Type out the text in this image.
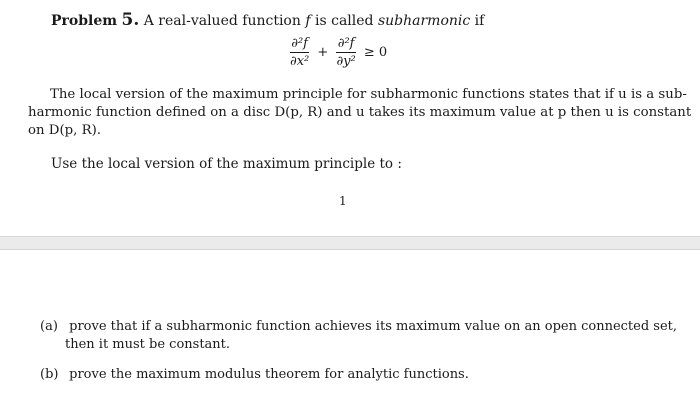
Problem 5. A real-valued function f is called subharmonic if
$\frac{\text{∂²f}}{\text{∂x²}} + \frac{\text{∂²f}}{\text{∂y²}} \ge 0$
The local version of the maximum principle for subharmonic functions states that if u is a sub-
harmonic function defined on a disc D(p, R) and u takes its maximum value at p then u is constant
on D(p, R).
Use the local version of the maximum principle to :
1
(a) prove that if a subharmonic function achieves its maximum value on an open connected set,
then it must be constant.
(b) prove the maximum modulus theorem for analytic functions.
